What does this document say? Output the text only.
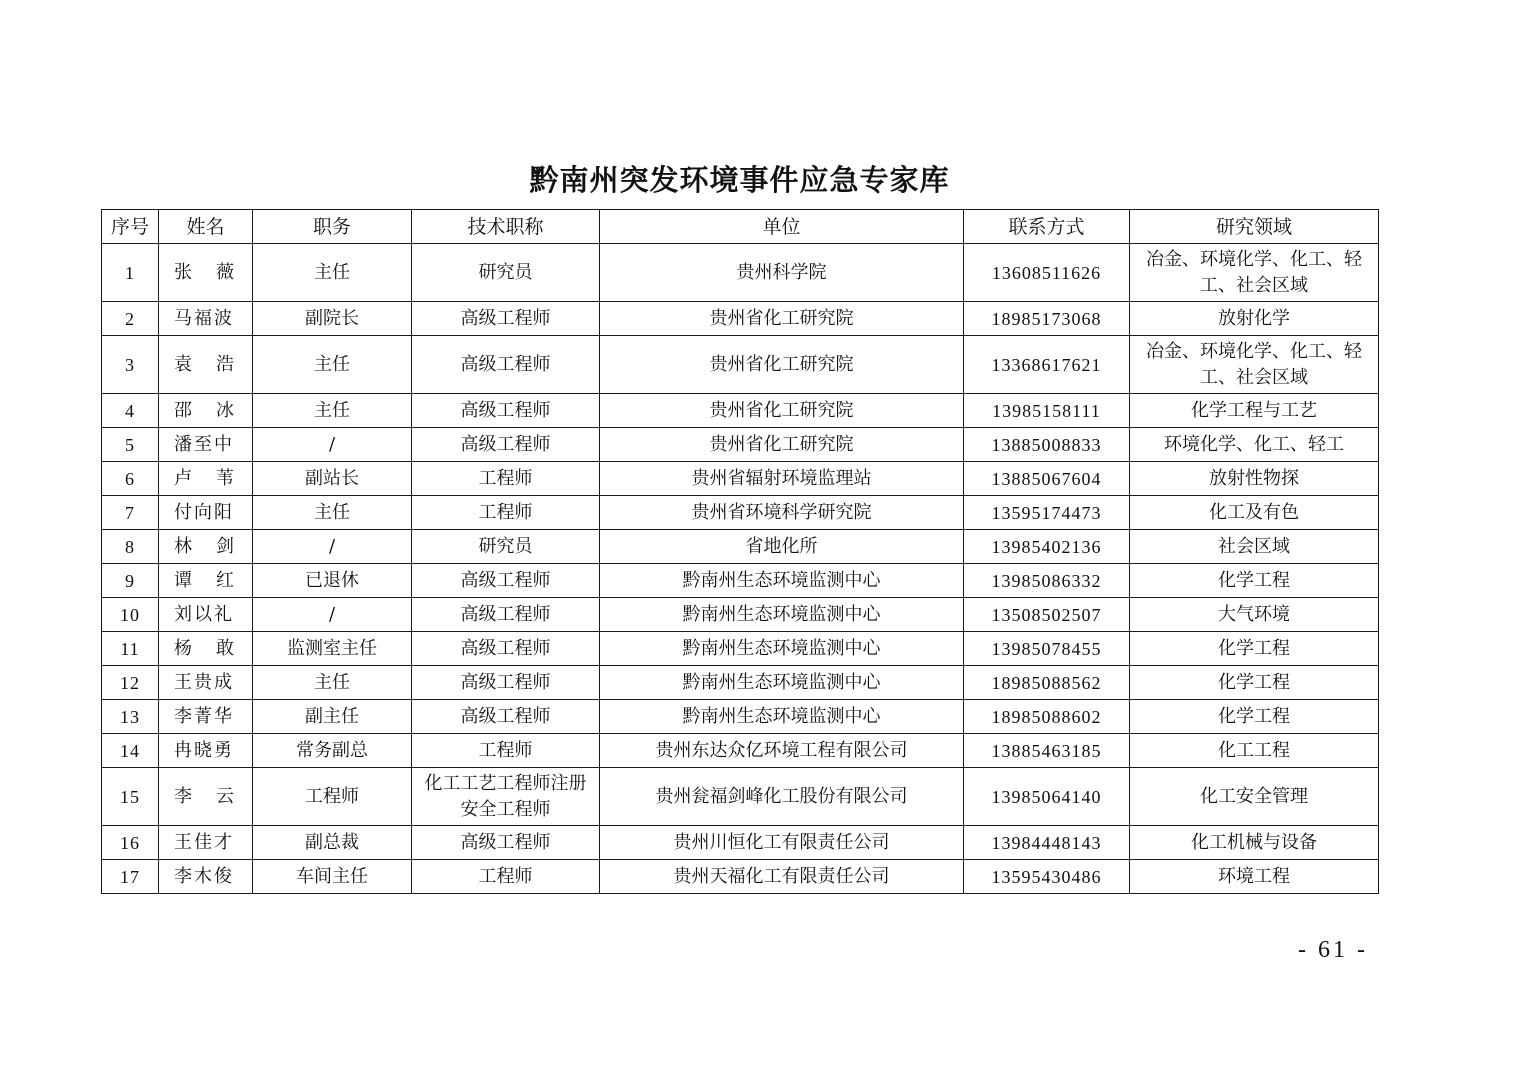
黔南州突发环境事件应急专家库
序号	姓名	职务	技术职称	单位	联系方式	研究领域
1	张 薇	主任	研究员	贵州科学院	13608511626	冶金、环境化学、化工、轻工、社会区域
2	马福波	副院长	高级工程师	贵州省化工研究院	18985173068	放射化学
3	袁 浩	主任	高级工程师	贵州省化工研究院	13368617621	冶金、环境化学、化工、轻工、社会区域
4	邵 冰	主任	高级工程师	贵州省化工研究院	13985158111	化学工程与工艺
5	潘至中	/	高级工程师	贵州省化工研究院	13885008833	环境化学、化工、轻工
6	卢 苇	副站长	工程师	贵州省辐射环境监理站	13885067604	放射性物探
7	付向阳	主任	工程师	贵州省环境科学研究院	13595174473	化工及有色
8	林 剑	/	研究员	省地化所	13985402136	社会区域
9	谭 红	已退休	高级工程师	黔南州生态环境监测中心	13985086332	化学工程
10	刘以礼	/	高级工程师	黔南州生态环境监测中心	13508502507	大气环境
11	杨 敢	监测室主任	高级工程师	黔南州生态环境监测中心	13985078455	化学工程
12	王贵成	主任	高级工程师	黔南州生态环境监测中心	18985088562	化学工程
13	李菁华	副主任	高级工程师	黔南州生态环境监测中心	18985088602	化学工程
14	冉晓勇	常务副总	工程师	贵州东达众亿环境工程有限公司	13885463185	化工工程
15	李 云	工程师	化工工艺工程师注册安全工程师	贵州瓮福剑峰化工股份有限公司	13985064140	化工安全管理
16	王佳才	副总裁	高级工程师	贵州川恒化工有限责任公司	13984448143	化工机械与设备
17	李木俊	车间主任	工程师	贵州天福化工有限责任公司	13595430486	环境工程
- 61 -
